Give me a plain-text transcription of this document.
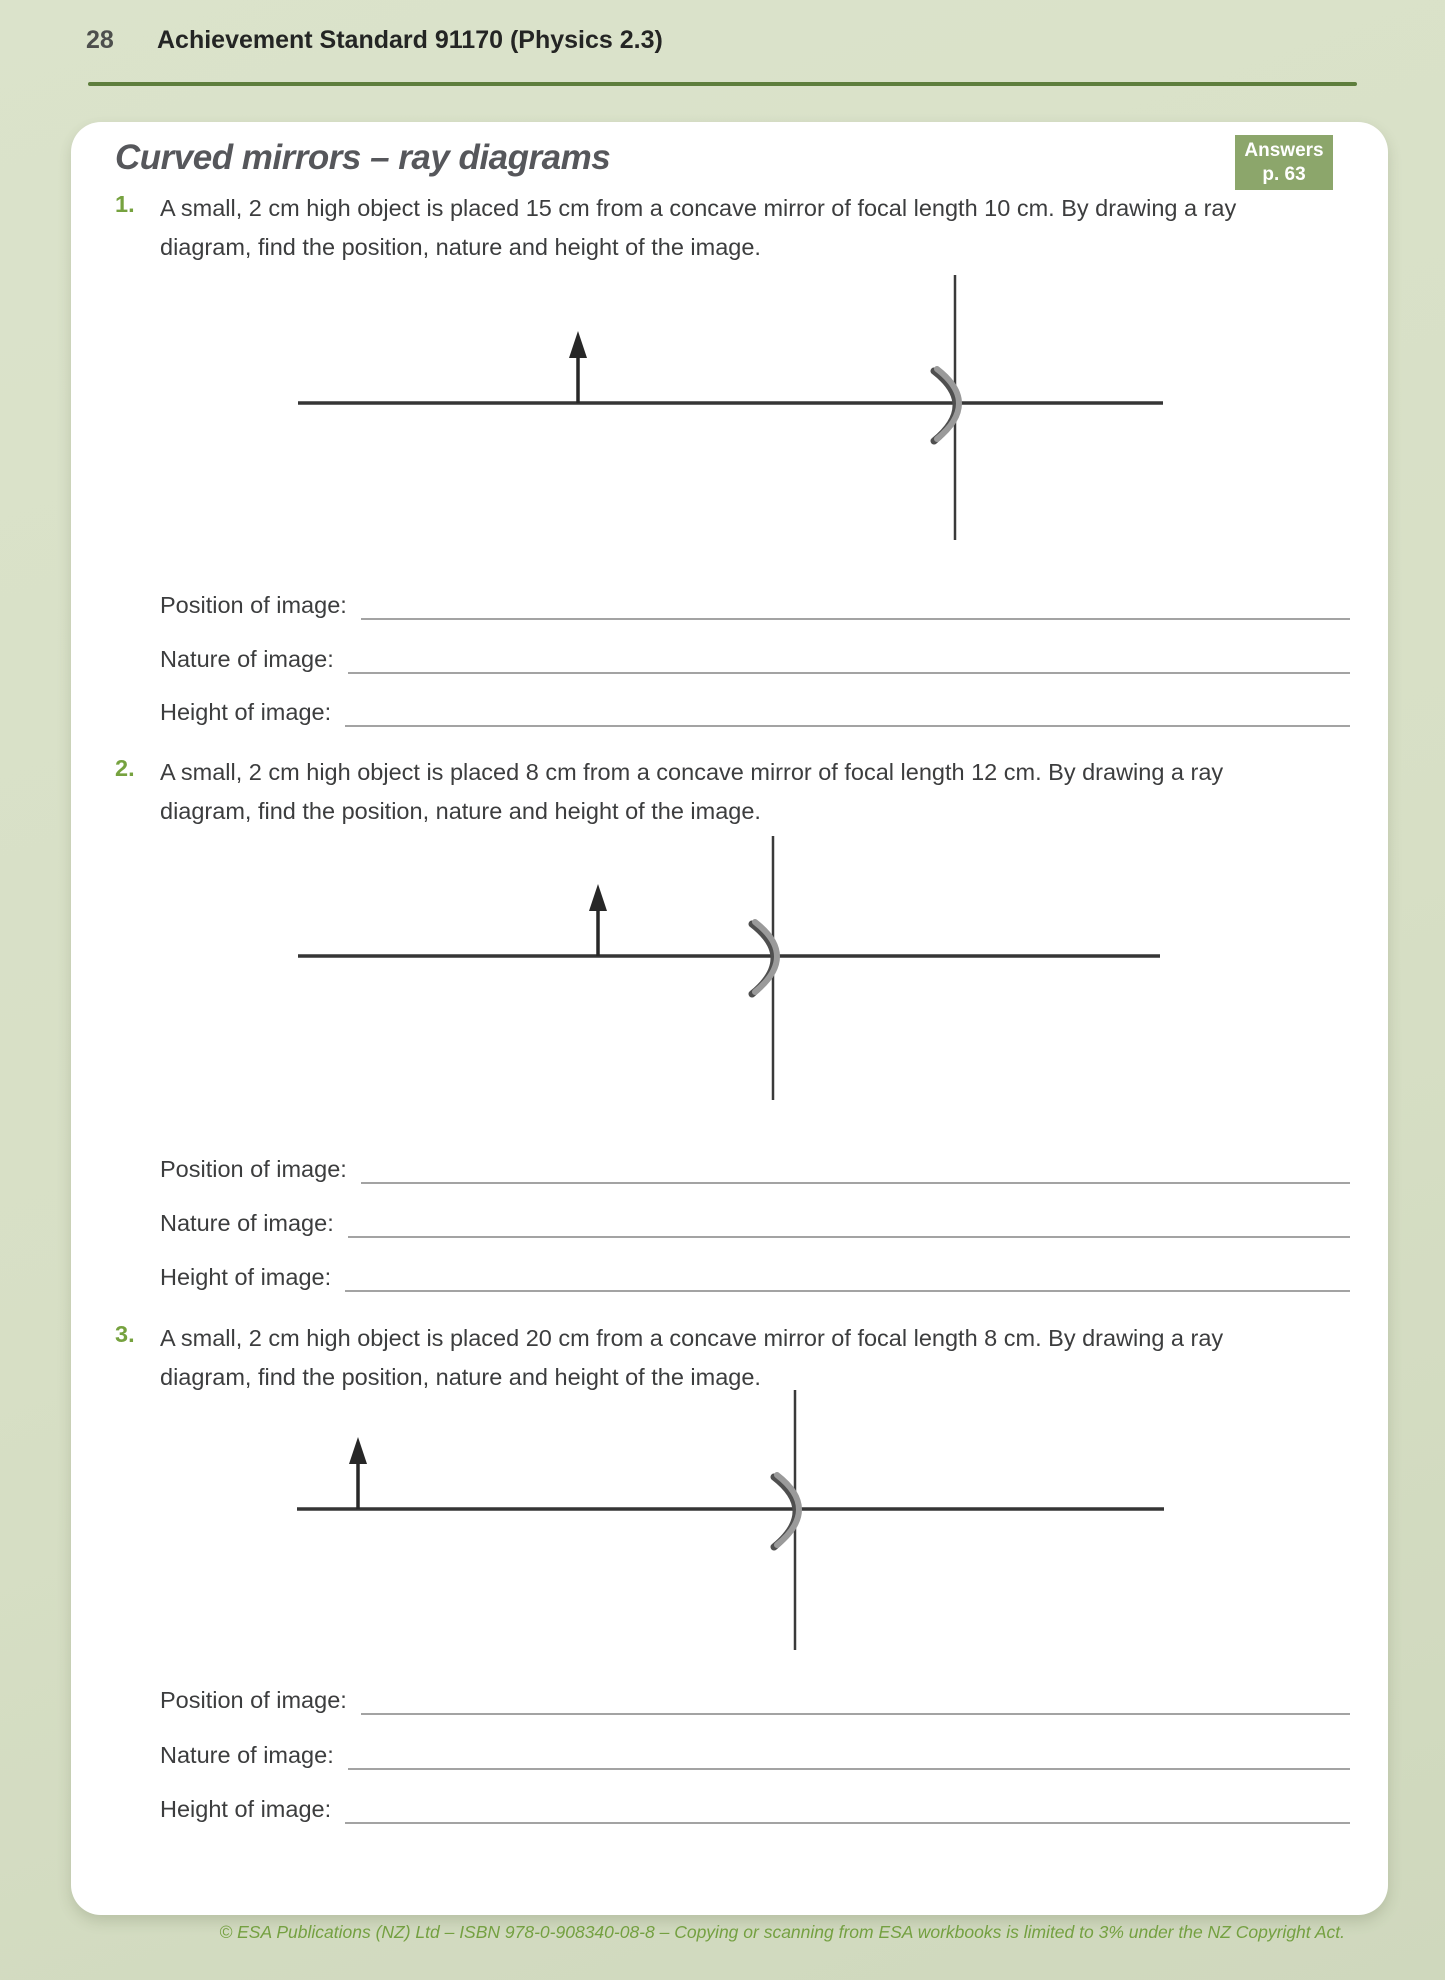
28 Achievement Standard 91170 (Physics 2.3)
Curved mirrors – ray diagrams	Answers
p. 63
1.	A small, 2 cm high object is placed 15 cm from a concave mirror of focal length 10 cm. By drawing a ray
diagram, find the position, nature and height of the image.
Position of image:
Nature of image:
Height of image:
2.	A small, 2 cm high object is placed 8 cm from a concave mirror of focal length 12 cm. By drawing a ray
diagram, find the position, nature and height of the image.
Position of image:
Nature of image:
Height of image:
3.	A small, 2 cm high object is placed 20 cm from a concave mirror of focal length 8 cm. By drawing a ray
diagram, find the position, nature and height of the image.
Position of image:
Nature of image:
Height of image:
© ESA Publications (NZ) Ltd – ISBN 978-0-908340-08-8 – Copying or scanning from ESA workbooks is limited to 3% under the NZ Copyright Act.
